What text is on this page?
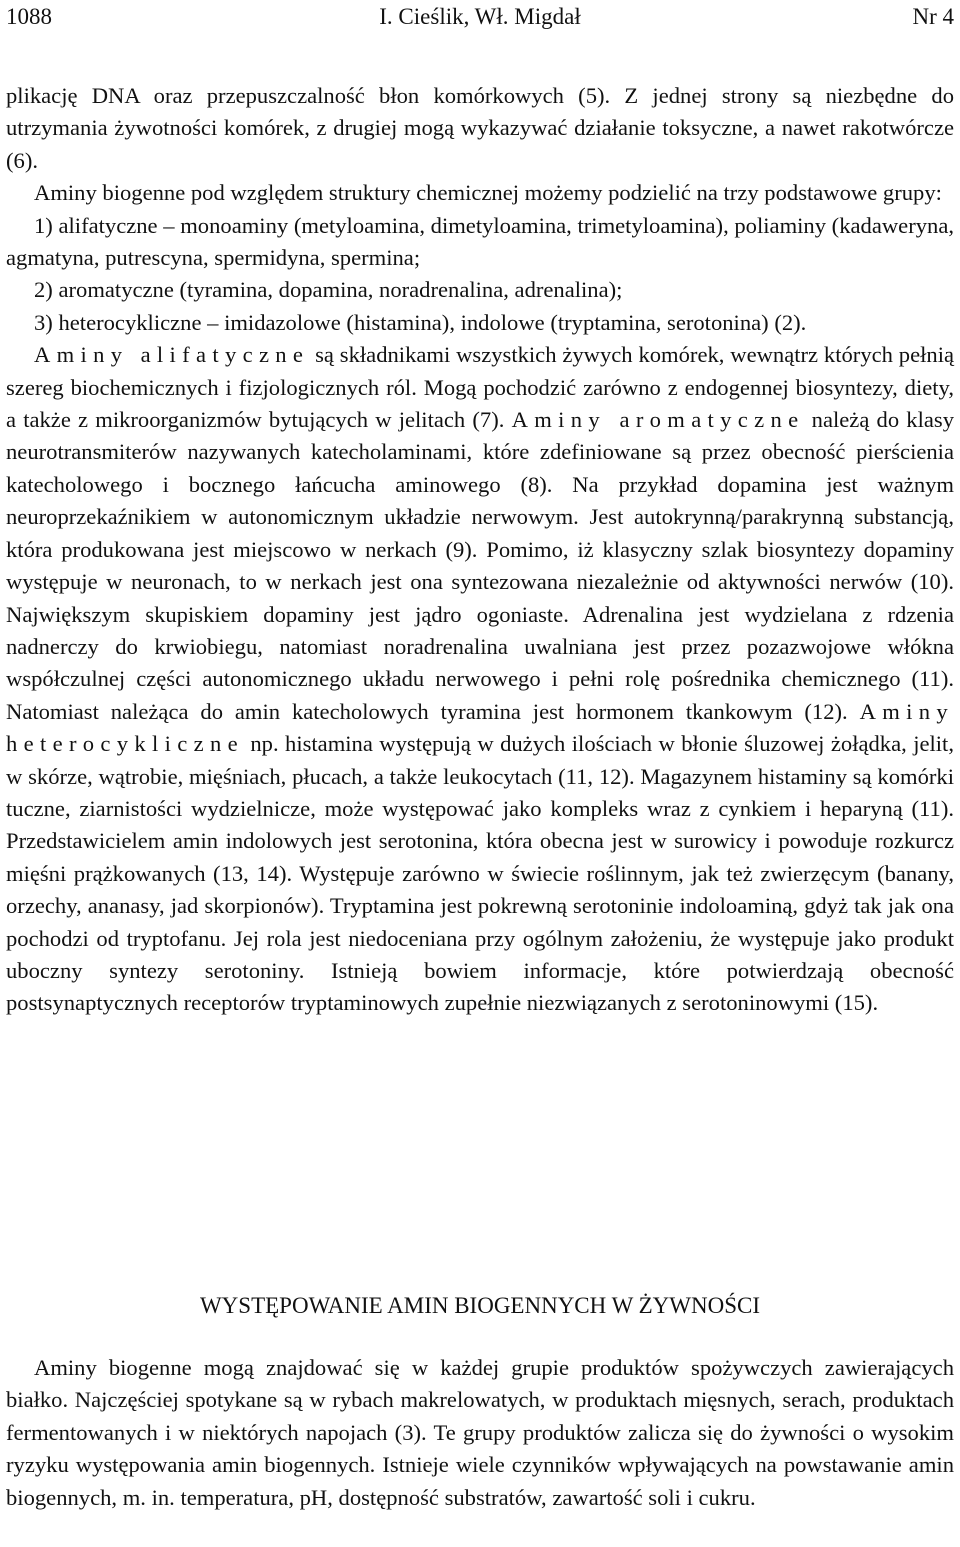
1088	I. Cieślik, Wł. Migdał	Nr 4

plikację DNA oraz przepuszczalność błon komórkowych (5). Z jednej strony są niezbędne do utrzymania żywotności komórek, z drugiej mogą wykazywać działanie toksyczne, a nawet rakotwórcze (6).

Aminy biogenne pod względem struktury chemicznej możemy podzielić na trzy podstawowe grupy:

1) alifatyczne – monoaminy (metyloamina, dimetyloamina, trimetyloamina), poliaminy (kadaweryna, agmatyna, putrescyna, spermidyna, spermina;

2) aromatyczne (tyramina, dopamina, noradrenalina, adrenalina);

3) heterocykliczne – imidazolowe (histamina), indolowe (tryptamina, serotonina) (2).

Aminy alifatyczne są składnikami wszystkich żywych komórek, wewnątrz których pełnią szereg biochemicznych i fizjologicznych ról. Mogą pochodzić zarówno z endogennej biosyntezy, diety, a także z mikroorganizmów bytujących w jelitach (7). Aminy aromatyczne należą do klasy neurotransmiterów nazywanych katecholaminami, które zdefiniowane są przez obecność pierścienia katecholowego i bocznego łańcucha aminowego (8). Na przykład dopamina jest ważnym neuroprzekaźnikiem w autonomicznym układzie nerwowym. Jest autokrynną/parakrynną substancją, która produkowana jest miejscowo w nerkach (9). Pomimo, iż klasyczny szlak biosyntezy dopaminy występuje w neuronach, to w nerkach jest ona syntezowana niezależnie od aktywności nerwów (10). Największym skupiskiem dopaminy jest jądro ogoniaste. Adrenalina jest wydzielana z rdzenia nadnerczy do krwiobiegu, natomiast noradrenalina uwalniana jest przez pozazwojowe włókna współczulnej części autonomicznego układu nerwowego i pełni rolę pośrednika chemicznego (11). Natomiast należąca do amin katecholowych tyramina jest hormonem tkankowym (12). Aminy heterocykliczne np. histamina występują w dużych ilościach w błonie śluzowej żołądka, jelit, w skórze, wątrobie, mięśniach, płucach, a także leukocytach (11, 12). Magazynem histaminy są komórki tuczne, ziarnistości wydzielnicze, może występować jako kompleks wraz z cynkiem i heparyną (11). Przedstawicielem amin indolowych jest serotonina, która obecna jest w surowicy i powoduje rozkurcz mięśni prążkowanych (13, 14). Występuje zarówno w świecie roślinnym, jak też zwierzęcym (banany, orzechy, ananasy, jad skorpionów). Tryptamina jest pokrewną serotoninie indoloaminą, gdyż tak jak ona pochodzi od tryptofanu. Jej rola jest niedoceniana przy ogólnym założeniu, że występuje jako produkt uboczny syntezy serotoniny. Istnieją bowiem informacje, które potwierdzają obecność postsynaptycznych receptorów tryptaminowych zupełnie niezwiązanych z serotoninowymi (15).

WYSTĘPOWANIE AMIN BIOGENNYCH W ŻYWNOŚCI

Aminy biogenne mogą znajdować się w każdej grupie produktów spożywczych zawierających białko. Najczęściej spotykane są w rybach makrelowatych, w produktach mięsnych, serach, produktach fermentowanych i w niektórych napojach (3). Te grupy produktów zalicza się do żywności o wysokim ryzyku występowania amin biogennych. Istnieje wiele czynników wpływających na powstawanie amin biogennych, m. in. temperatura, pH, dostępność substratów, zawartość soli i cukru.
